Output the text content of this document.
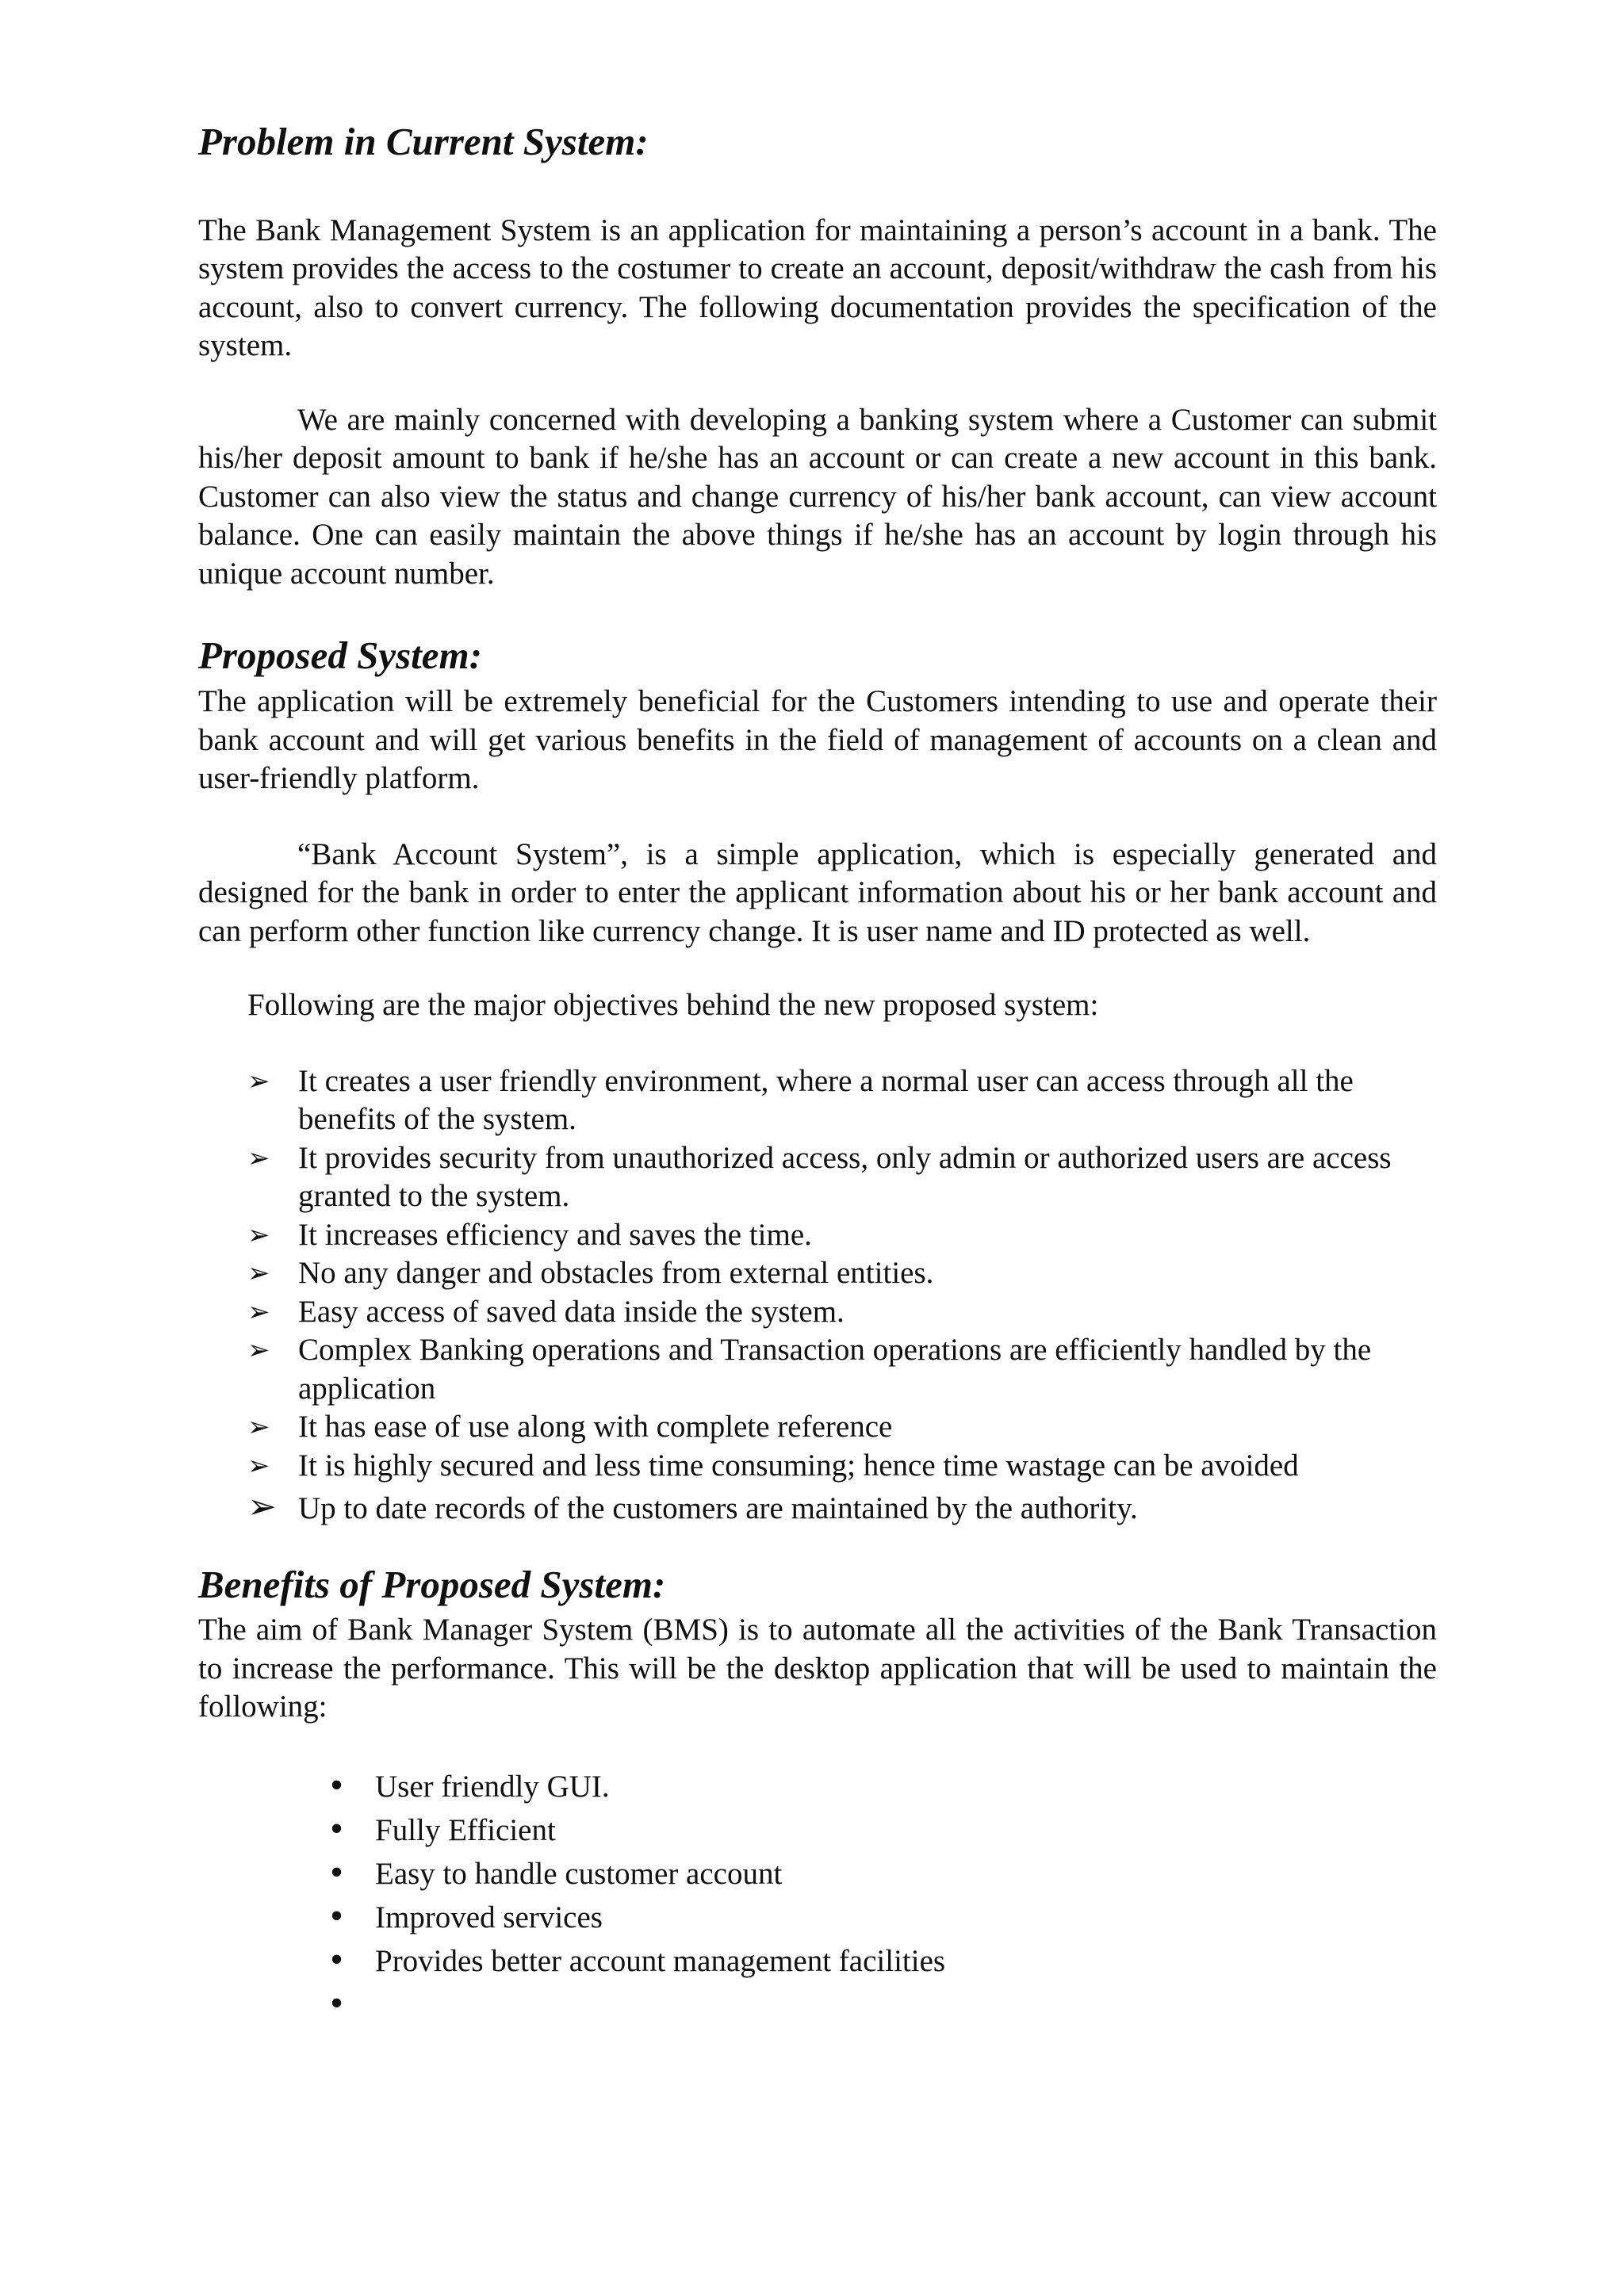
Problem in Current System:

The Bank Management System is an application for maintaining a person’s account in a bank. The system provides the access to the costumer to create an account, deposit/withdraw the cash from his account, also to convert currency. The following documentation provides the specification of the system.

We are mainly concerned with developing a banking system where a Customer can submit his/her deposit amount to bank if he/she has an account or can create a new account in this bank. Customer can also view the status and change currency of his/her bank account, can view account balance. One can easily maintain the above things if he/she has an account by login through his unique account number.

Proposed System:

The application will be extremely beneficial for the Customers intending to use and operate their bank account and will get various benefits in the field of management of accounts on a clean and user-friendly platform.

“Bank Account System”, is a simple application, which is especially generated and designed for the bank in order to enter the applicant information about his or her bank account and can perform other function like currency change. It is user name and ID protected as well.

Following are the major objectives behind the new proposed system:

➢ It creates a user friendly environment, where a normal user can access through all the benefits of the system.
➢ It provides security from unauthorized access, only admin or authorized users are access granted to the system.
➢ It increases efficiency and saves the time.
➢ No any danger and obstacles from external entities.
➢ Easy access of saved data inside the system.
➢ Complex Banking operations and Transaction operations are efficiently handled by the application
➢ It has ease of use along with complete reference
➢ It is highly secured and less time consuming; hence time wastage can be avoided
➢ Up to date records of the customers are maintained by the authority.
Benefits of Proposed System:

The aim of Bank Manager System (BMS) is to automate all the activities of the Bank Transaction to increase the performance. This will be the desktop application that will be used to maintain the following:

• User friendly GUI.
• Fully Efficient
• Easy to handle customer account
• Improved services
• Provides better account management facilities
•
